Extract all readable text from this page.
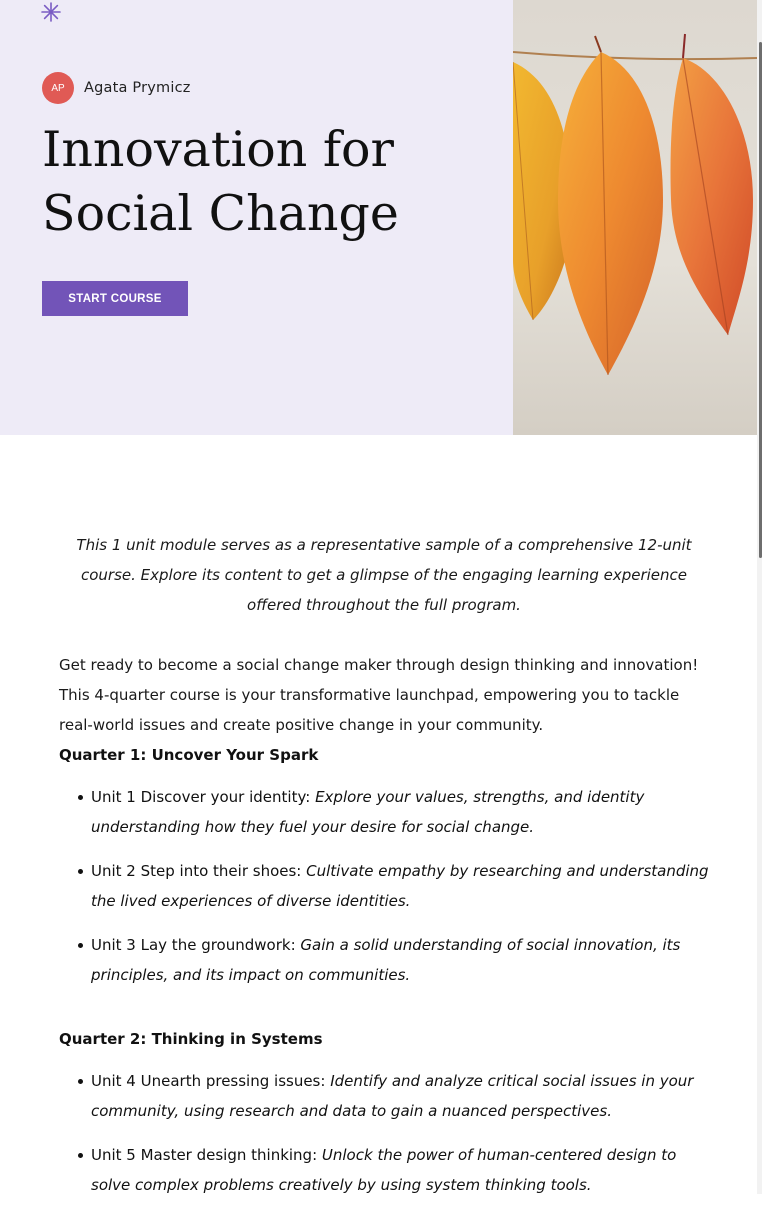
AP	Agata Prymicz
Innovation for
Social Change
START COURSE

This 1 unit module serves as a representative sample of a comprehensive 12-unit course. Explore its content to get a glimpse of the engaging learning experience offered throughout the full program.

Get ready to become a social change maker through design thinking and innovation! This 4-quarter course is your transformative launchpad, empowering you to tackle real-world issues and create positive change in your community.

Quarter 1: Uncover Your Spark

Unit 1 Discover your identity: Explore your values, strengths, and identity understanding how they fuel your desire for social change.
Unit 2 Step into their shoes: Cultivate empathy by researching and understanding the lived experiences of diverse identities.
Unit 3 Lay the groundwork: Gain a solid understanding of social innovation, its principles, and its impact on communities.

Quarter 2: Thinking in Systems

Unit 4 Unearth pressing issues: Identify and analyze critical social issues in your community, using research and data to gain a nuanced perspectives.
Unit 5 Master design thinking: Unlock the power of human-centered design to solve complex problems creatively by using system thinking tools.
